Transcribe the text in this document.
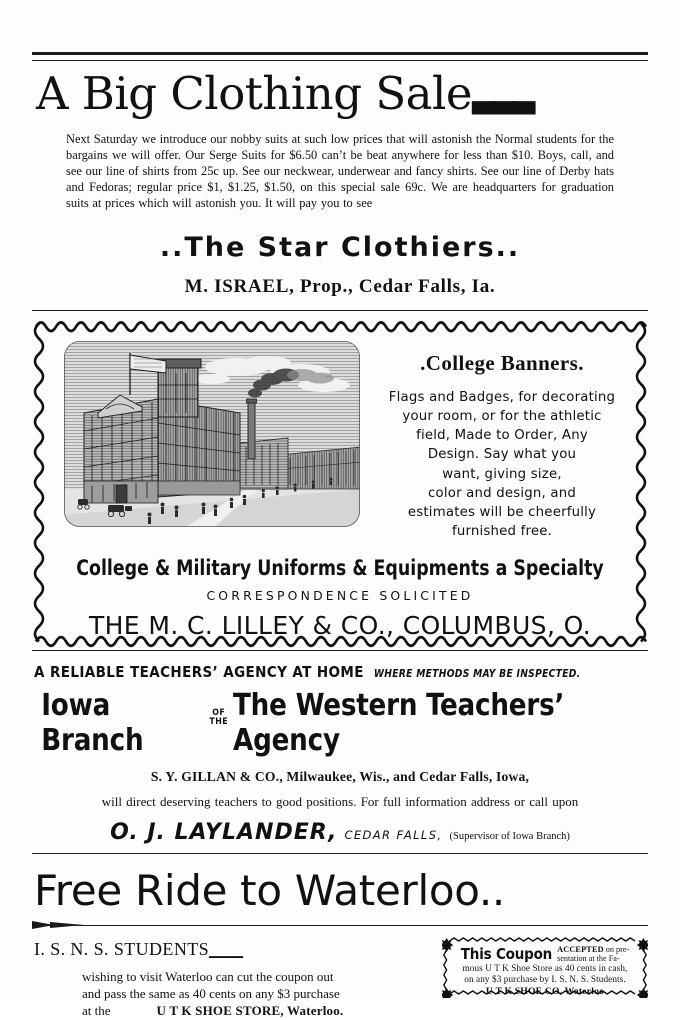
A Big Clothing Sale▃▃▃
Next Saturday we introduce our nobby suits at such low prices that will astonish the Normal students for the bargains we will offer. Our Serge Suits for $6.50 can’t be beat anywhere for less than $10. Boys, call, and see our line of shirts from 25c up. See our neckwear, underwear and fancy shirts. See our line of Derby hats and Fedoras; regular price $1, $1.25, $1.50, on this special sale 69c. We are headquarters for graduation suits at prices which will astonish you. It will pay you to see
..The Star Clothiers..
M. ISRAEL, Prop., Cedar Falls, Ia.
.College Banners.
Flags and Badges, for decorating
your room, or for the athletic
field, Made to Order, Any
Design. Say what you
want, giving size,
color and design, and
estimates will be cheerfully
furnished free.
College & Military Uniforms & Equipments a Specialty
CORRESPONDENCE SOLICITED
THE M. C. LILLEY & CO., COLUMBUS, O.
A RELIABLE TEACHERS’ AGENCY AT HOME WHERE METHODS MAY BE INSPECTED.
Iowa Branch
OF
THE The Western Teachers’ Agency
S. Y. GILLAN & CO., Milwaukee, Wis., and Cedar Falls, Iowa,
will direct deserving teachers to good positions. For full information address or call upon
O. J. LAYLANDER, CEDAR FALLS, (Supervisor of Iowa Branch)
Free Ride to Waterloo..
I. S. N. S. STUDENTS▁▁▁▁
wishing to visit Waterloo can cut the coupon out
and pass the same as 40 cents on any $3 purchase
at the	U T K SHOE STORE, Waterloo.
This Coupon ACCEPTED on pre-
sentation at the Fa-
mous U T K Shoe Store as 40 cents in cash,
on any $3 purchase by I. S. N. S. Students.
U T K SHOE CO. Waterloo
